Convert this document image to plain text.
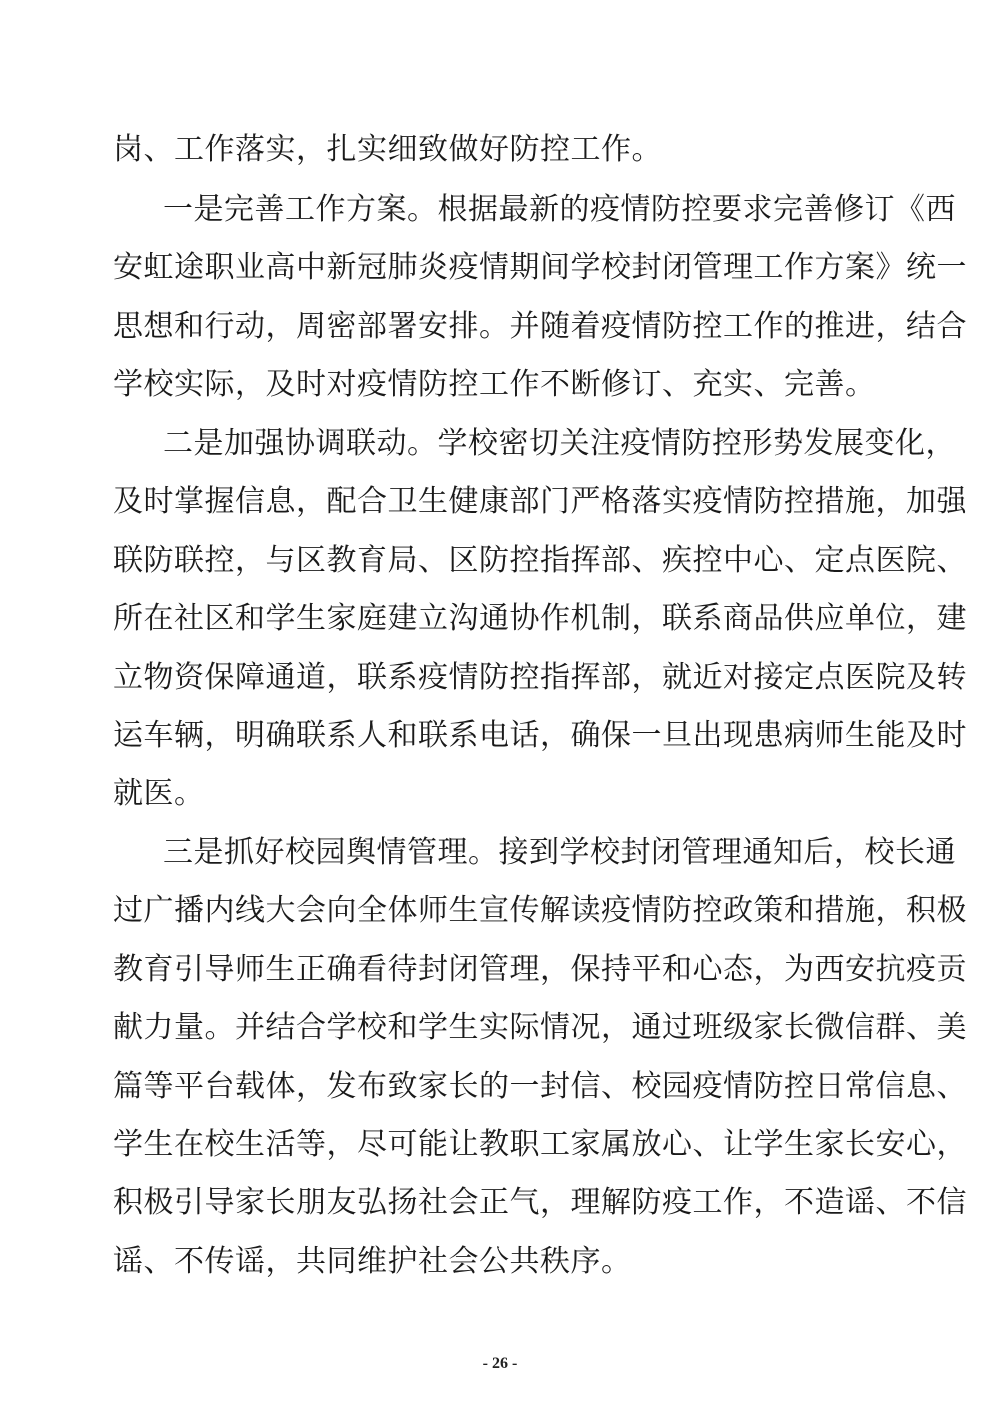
岗、工作落实，扎实细致做好防控工作。
一是完善工作方案。根据最新的疫情防控要求完善修订《西
安虹途职业高中新冠肺炎疫情期间学校封闭管理工作方案》统一
思想和行动，周密部署安排。并随着疫情防控工作的推进，结合
学校实际，及时对疫情防控工作不断修订、充实、完善。
二是加强协调联动。学校密切关注疫情防控形势发展变化，
及时掌握信息，配合卫生健康部门严格落实疫情防控措施，加强
联防联控，与区教育局、区防控指挥部、疾控中心、定点医院、
所在社区和学生家庭建立沟通协作机制，联系商品供应单位，建
立物资保障通道，联系疫情防控指挥部，就近对接定点医院及转
运车辆，明确联系人和联系电话，确保一旦出现患病师生能及时
就医。
三是抓好校园舆情管理。接到学校封闭管理通知后，校长通
过广播内线大会向全体师生宣传解读疫情防控政策和措施，积极
教育引导师生正确看待封闭管理，保持平和心态，为西安抗疫贡
献力量。并结合学校和学生实际情况，通过班级家长微信群、美
篇等平台载体，发布致家长的一封信、校园疫情防控日常信息、
学生在校生活等，尽可能让教职工家属放心、让学生家长安心，
积极引导家长朋友弘扬社会正气，理解防疫工作，不造谣、不信
谣、不传谣，共同维护社会公共秩序。
- 26 -
